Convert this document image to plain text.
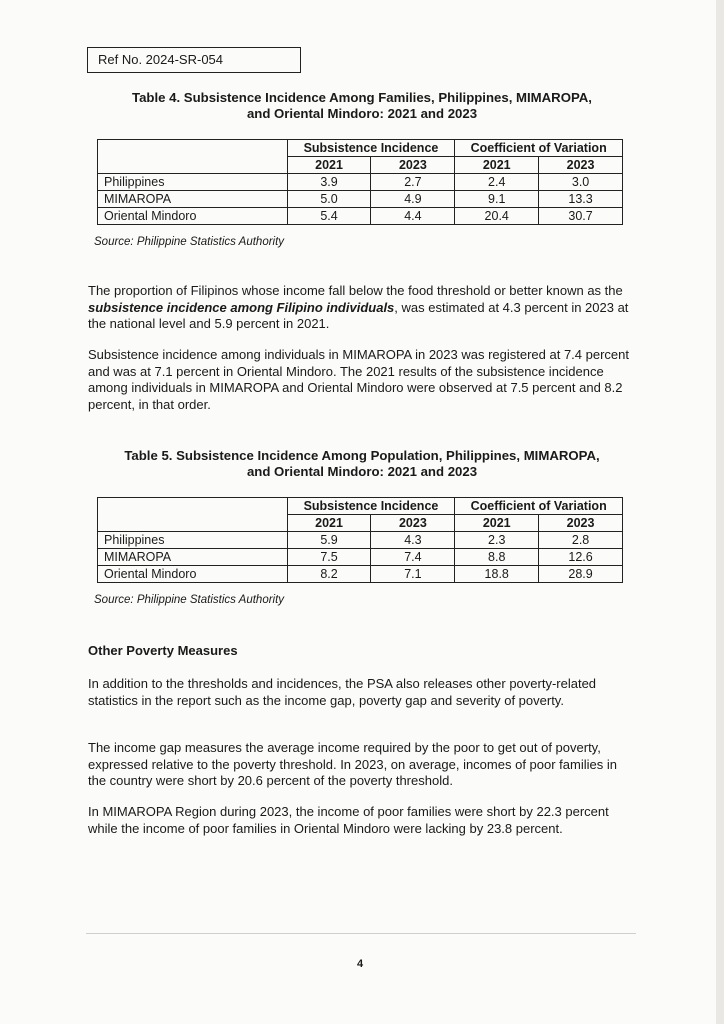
Ref No. 2024-SR-054
Table 4. Subsistence Incidence Among Families, Philippines, MIMAROPA,
and Oriental Mindoro: 2021 and 2023
	Subsistence Incidence		Coefficient of Variation	
	2021	2023	2021	2023
Philippines	3.9	2.7	2.4	3.0
MIMAROPA	5.0	4.9	9.1	13.3
Oriental Mindoro	5.4	4.4	20.4	30.7
Source: Philippine Statistics Authority

The proportion of Filipinos whose income fall below the food threshold or better known as the subsistence incidence among Filipino individuals, was estimated at 4.3 percent in 2023 at the national level and 5.9 percent in 2021.

Subsistence incidence among individuals in MIMAROPA in 2023 was registered at 7.4 percent and was at 7.1 percent in Oriental Mindoro. The 2021 results of the subsistence incidence among individuals in MIMAROPA and Oriental Mindoro were observed at 7.5 percent and 8.2 percent, in that order.

Table 5. Subsistence Incidence Among Population, Philippines, MIMAROPA,
and Oriental Mindoro: 2021 and 2023
	Subsistence Incidence		Coefficient of Variation	
	2021	2023	2021	2023
Philippines	5.9	4.3	2.3	2.8
MIMAROPA	7.5	7.4	8.8	12.6
Oriental Mindoro	8.2	7.1	18.8	28.9
Source: Philippine Statistics Authority
Other Poverty Measures

In addition to the thresholds and incidences, the PSA also releases other poverty-related statistics in the report such as the income gap, poverty gap and severity of poverty.

The income gap measures the average income required by the poor to get out of poverty, expressed relative to the poverty threshold. In 2023, on average, incomes of poor families in the country were short by 20.6 percent of the poverty threshold.

In MIMAROPA Region during 2023, the income of poor families were short by 22.3 percent while the income of poor families in Oriental Mindoro were lacking by 23.8 percent.

4
